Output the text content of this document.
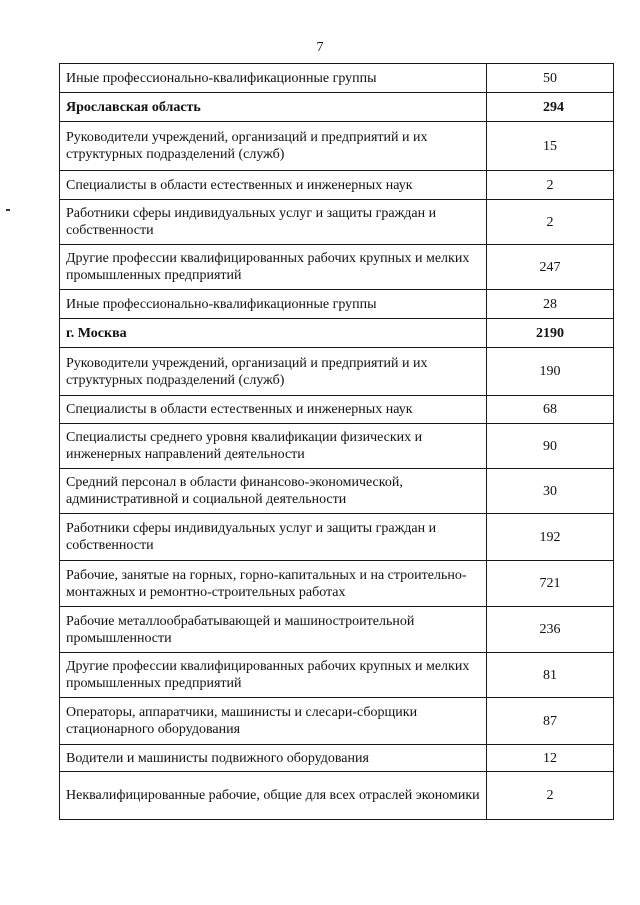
7
Иные профессионально-квалификационные группы	50
Ярославская область	294
Руководители учреждений, организаций и предприятий и их структурных подразделений (служб)	15
Специалисты в области естественных и инженерных наук	2
Работники сферы индивидуальных услуг и защиты граждан и собственности	2
Другие профессии квалифицированных рабочих крупных и мелких промышленных предприятий	247
Иные профессионально-квалификационные группы	28
г. Москва	2190
Руководители учреждений, организаций и предприятий и их структурных подразделений (служб)	190
Специалисты в области естественных и инженерных наук	68
Специалисты среднего уровня квалификации физических и инженерных направлений деятельности	90
Средний персонал в области финансово-экономической, административной и социальной деятельности	30
Работники сферы индивидуальных услуг и защиты граждан и собственности	192
Рабочие, занятые на горных, горно-капитальных и на строительно-монтажных и ремонтно-строительных работах	721
Рабочие металлообрабатывающей и машиностроительной промышленности	236
Другие профессии квалифицированных рабочих крупных и мелких промышленных предприятий	81
Операторы, аппаратчики, машинисты и слесари-сборщики стационарного оборудования	87
Водители и машинисты подвижного оборудования	12
Неквалифицированные рабочие, общие для всех отраслей экономики	2
